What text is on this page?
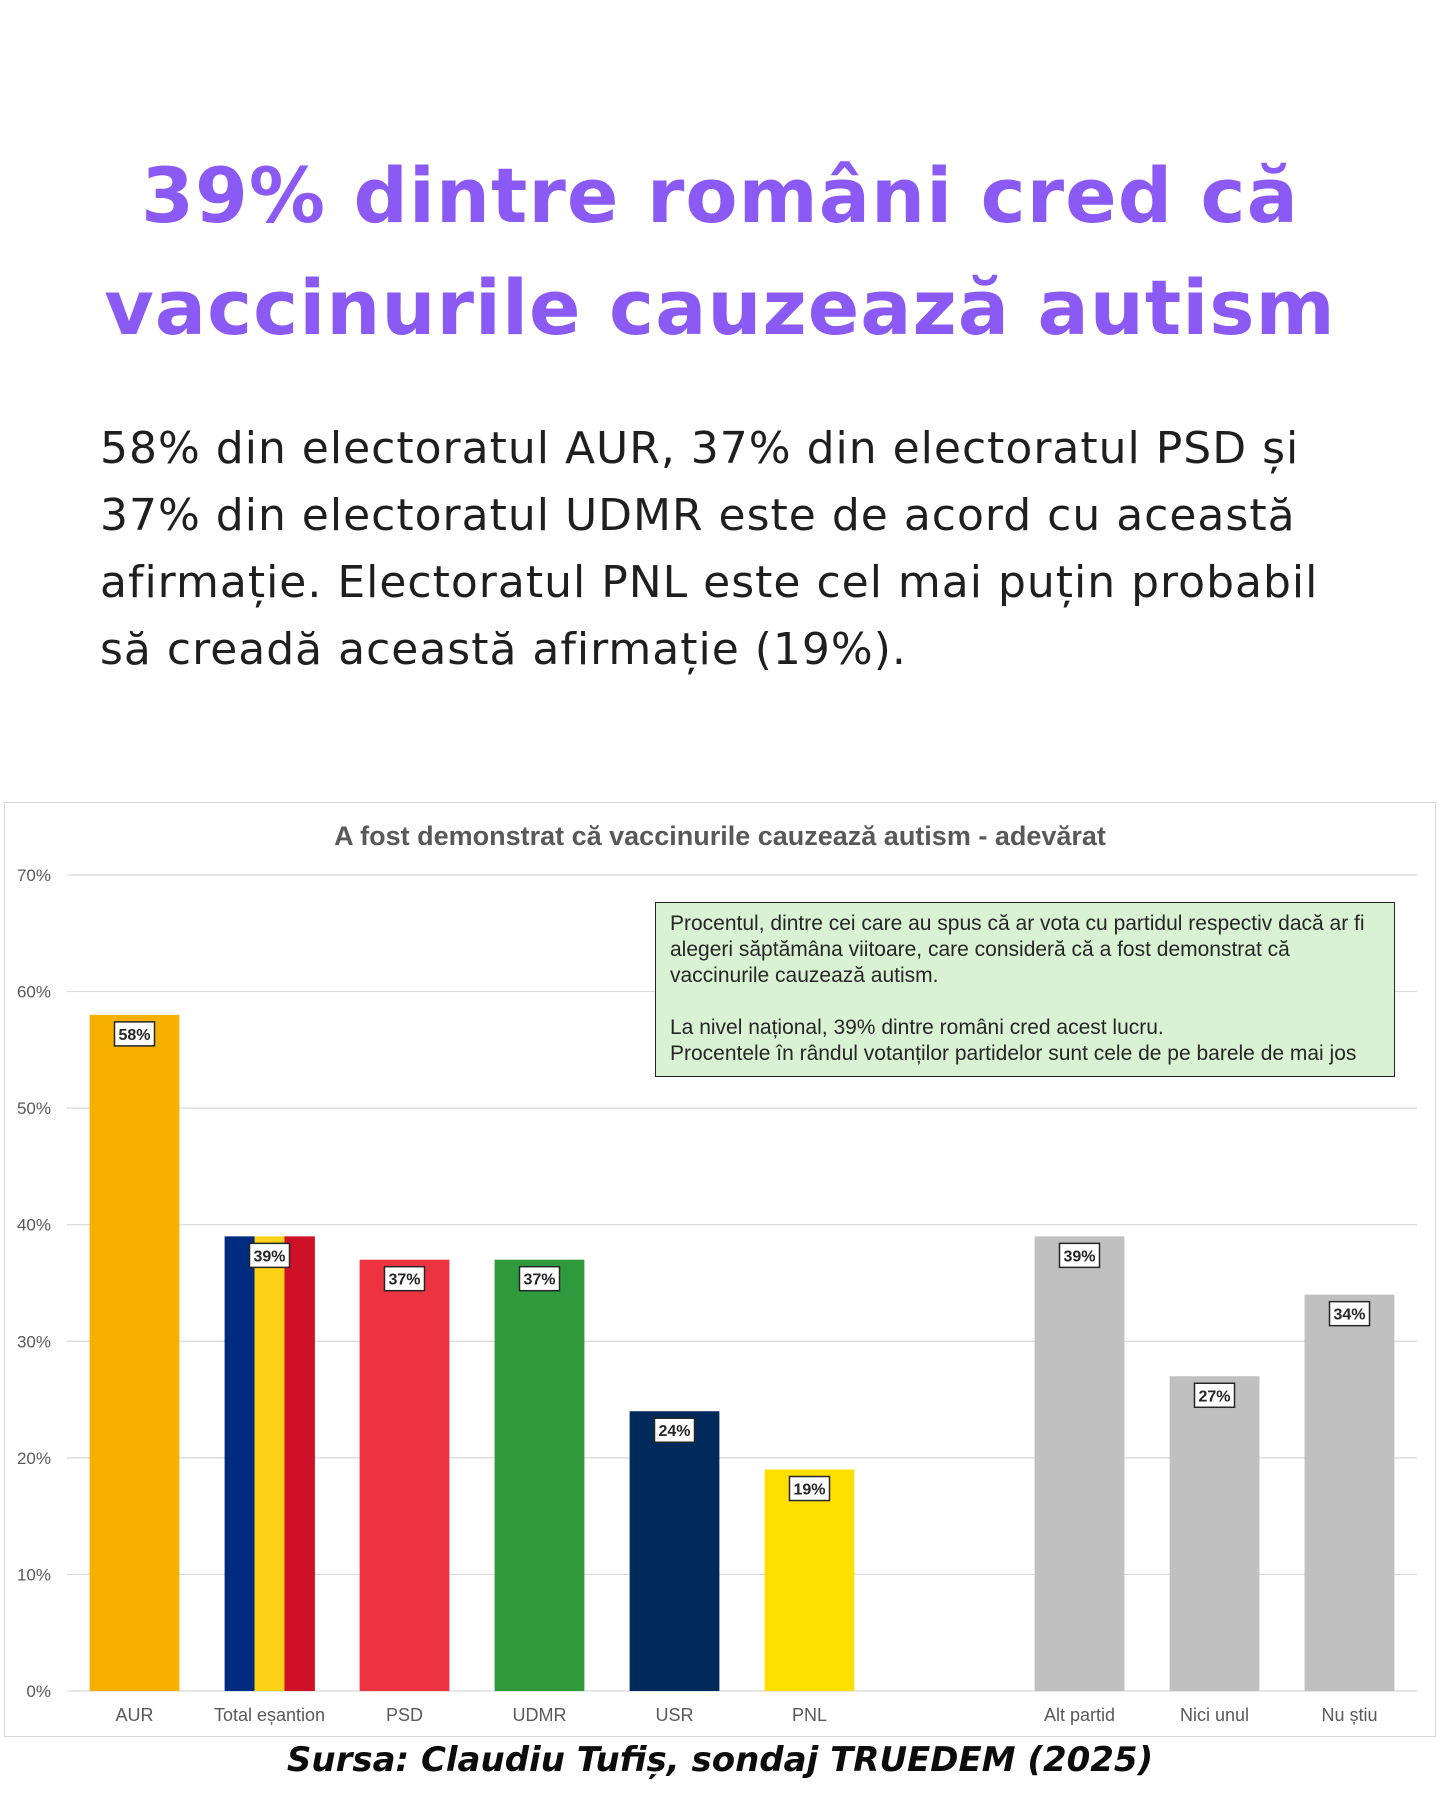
39% dintre români cred că
vaccinurile cauzează autism

58% din electoratul AUR, 37% din electoratul PSD și
37% din electoratul UDMR este de acord cu această
afirmație. Electoratul PNL este cel mai puțin probabil
să creadă această afirmație (19%).

A fost demonstrat că vaccinurile cauzează autism - adevărat
0%
10%
20%
30%
40%
50%
60%
70%
58%
AUR
39%
Total eșantion
37%
PSD
37%
UDMR
24%
USR
19%
PNL
39%
Alt partid
27%
Nici unul
34%
Nu știu

Procentul, dintre cei care au spus că ar vota cu partidul respectiv dacă ar fi

alegeri săptămâna viitoare, care consideră că a fost demonstrat că

vaccinurile cauzează autism.

La nivel național, 39% dintre români cred acest lucru.

Procentele în rândul votanților partidelor sunt cele de pe barele de mai jos

Sursa: Claudiu Tufiș, sondaj TRUEDEM (2025)
